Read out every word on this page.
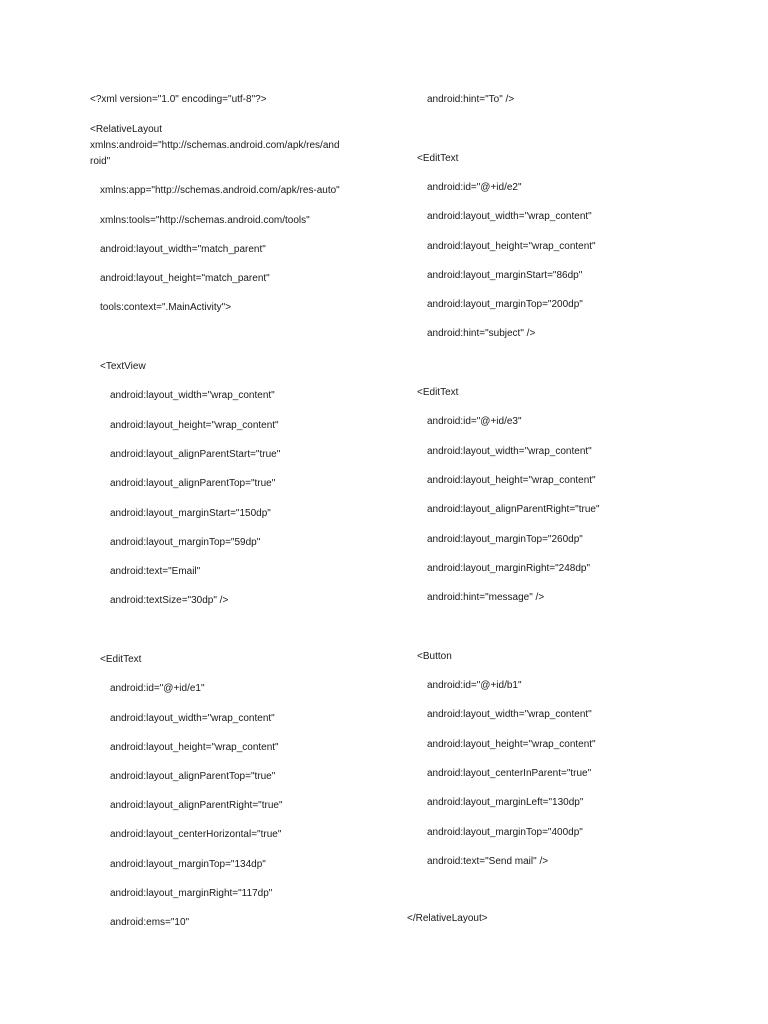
<?xml version="1.0" encoding="utf-8"?>
<RelativeLayout
xmlns:android="http://schemas.android.com/apk/res/and
roid"
xmlns:app="http://schemas.android.com/apk/res-auto"
xmlns:tools="http://schemas.android.com/tools"
android:layout_width="match_parent"
android:layout_height="match_parent"
tools:context=".MainActivity">
<TextView
android:layout_width="wrap_content"
android:layout_height="wrap_content"
android:layout_alignParentStart="true"
android:layout_alignParentTop="true"
android:layout_marginStart="150dp"
android:layout_marginTop="59dp"
android:text="Email"
android:textSize="30dp" />
<EditText
android:id="@+id/e1"
android:layout_width="wrap_content"
android:layout_height="wrap_content"
android:layout_alignParentTop="true"
android:layout_alignParentRight="true"
android:layout_centerHorizontal="true"
android:layout_marginTop="134dp"
android:layout_marginRight="117dp"
android:ems="10"
android:hint="To" />
<EditText
android:id="@+id/e2"
android:layout_width="wrap_content"
android:layout_height="wrap_content"
android:layout_marginStart="86dp"
android:layout_marginTop="200dp"
android:hint="subject" />
<EditText
android:id="@+id/e3"
android:layout_width="wrap_content"
android:layout_height="wrap_content"
android:layout_alignParentRight="true"
android:layout_marginTop="260dp"
android:layout_marginRight="248dp"
android:hint="message" />
<Button
android:id="@+id/b1"
android:layout_width="wrap_content"
android:layout_height="wrap_content"
android:layout_centerInParent="true"
android:layout_marginLeft="130dp"
android:layout_marginTop="400dp"
android:text="Send mail" />
</RelativeLayout>
